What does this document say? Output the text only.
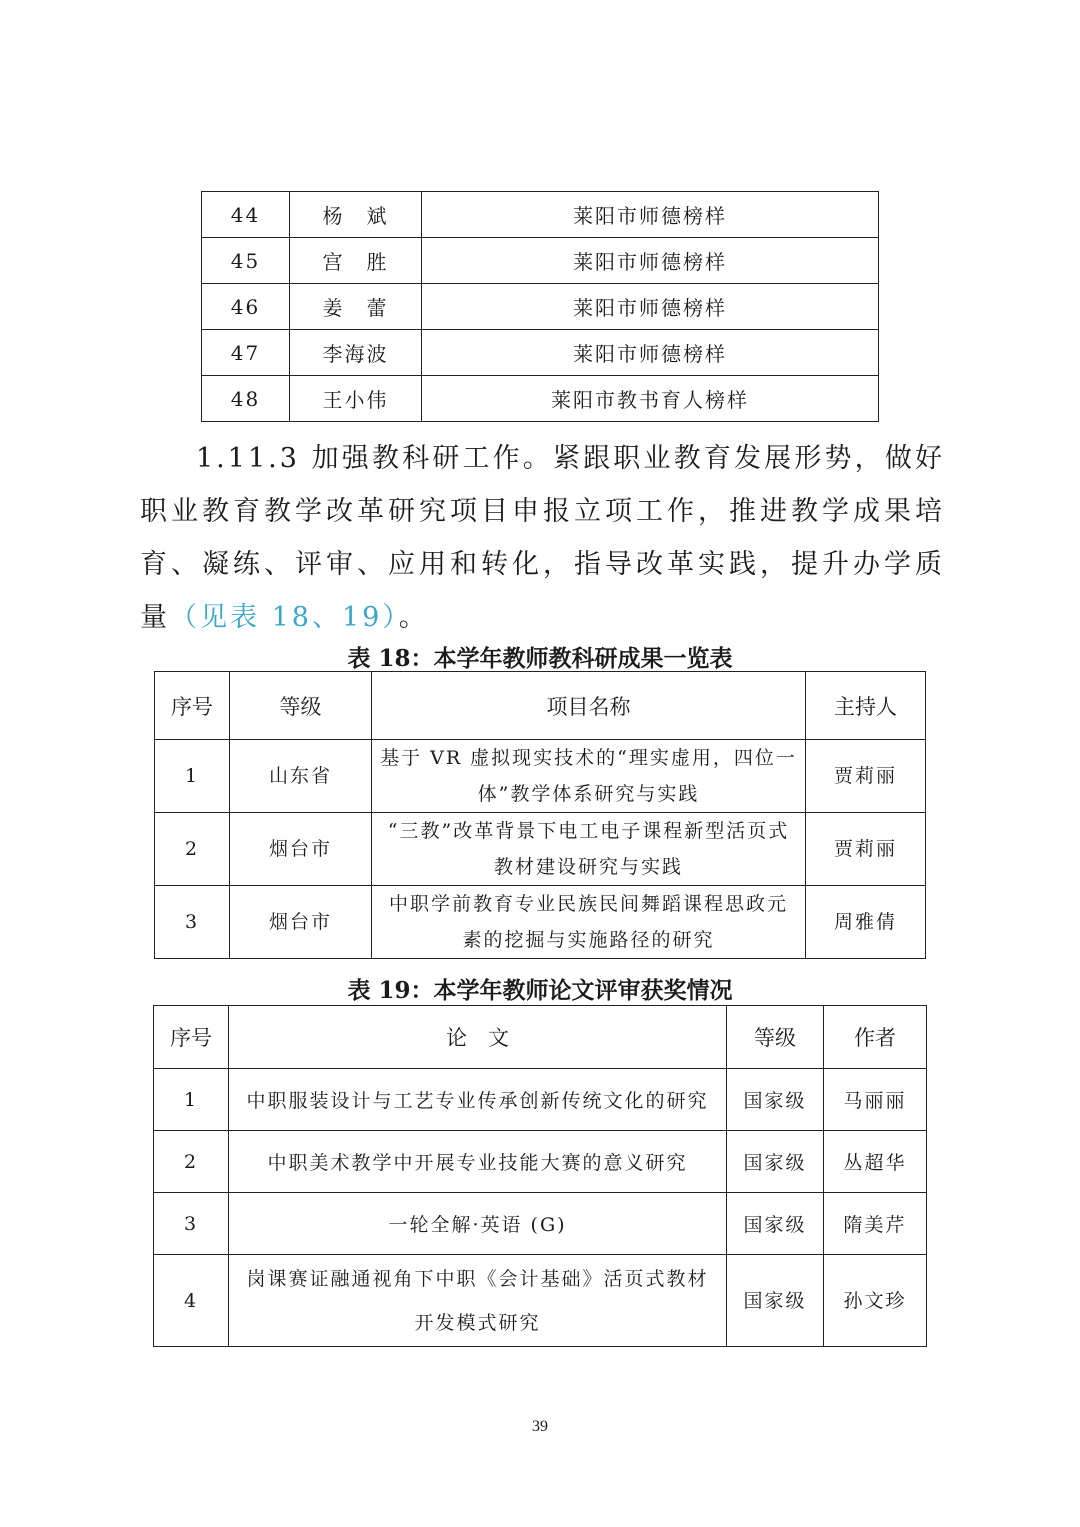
44	杨　斌	莱阳市师德榜样
45	宫　胜	莱阳市师德榜样
46	姜　蕾	莱阳市师德榜样
47	李海波	莱阳市师德榜样
48	王小伟	莱阳市教书育人榜样

1.11.3 加强教科研工作。紧跟职业教育发展形势，做好职业教育教学改革研究项目申报立项工作，推进教学成果培育、凝练、评审、应用和转化，指导改革实践，提升办学质量（见表 18、19）。

表 18：本学年教师教科研成果一览表
序号	等级	项目名称	主持人
1	山东省	基于 VR 虚拟现实技术的“理实虚用，四位一体”教学体系研究与实践	贾莉丽
2	烟台市	“三教”改革背景下电工电子课程新型活页式教材建设研究与实践	贾莉丽
3	烟台市	中职学前教育专业民族民间舞蹈课程思政元素的挖掘与实施路径的研究	周雅倩
表 19：本学年教师论文评审获奖情况
序号	论　文	等级	作者
1	中职服装设计与工艺专业传承创新传统文化的研究	国家级	马丽丽
2	中职美术教学中开展专业技能大赛的意义研究	国家级	丛超华
3	一轮全解·英语 (G)	国家级	隋美芹
4	岗课赛证融通视角下中职《会计基础》活页式教材开发模式研究	国家级	孙文珍
39
